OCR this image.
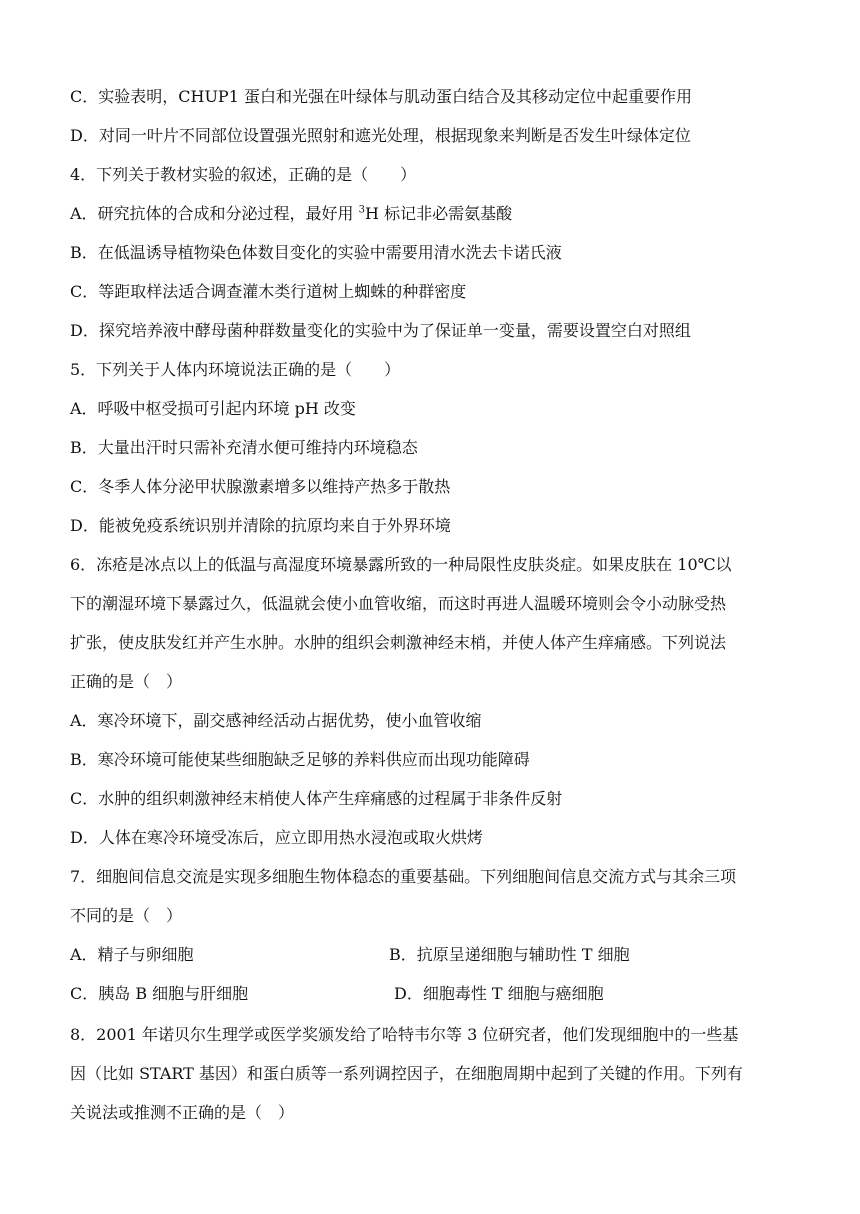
C．实验表明，CHUP1 蛋白和光强在叶绿体与肌动蛋白结合及其移动定位中起重要作用
D．对同一叶片不同部位设置强光照射和遮光处理，根据现象来判断是否发生叶绿体定位
4．下列关于教材实验的叙述，正确的是（　　）
A．研究抗体的合成和分泌过程，最好用 $^3$H 标记非必需氨基酸
B．在低温诱导植物染色体数目变化的实验中需要用清水洗去卡诺氏液
C．等距取样法适合调查灌木类行道树上蜘蛛的种群密度
D．探究培养液中酵母菌种群数量变化的实验中为了保证单一变量，需要设置空白对照组
5．下列关于人体内环境说法正确的是（　　）
A．呼吸中枢受损可引起内环境 pH 改变
B．大量出汗时只需补充清水便可维持内环境稳态
C．冬季人体分泌甲状腺激素增多以维持产热多于散热
D．能被免疫系统识别并清除的抗原均来自于外界环境
6．冻疮是冰点以上的低温与高湿度环境暴露所致的一种局限性皮肤炎症。如果皮肤在 10℃以
下的潮湿环境下暴露过久，低温就会使小血管收缩，而这时再进人温暖环境则会令小动脉受热
扩张，使皮肤发红并产生水肿。水肿的组织会刺激神经末梢，并使人体产生痒痛感。下列说法
正确的是（　）
A．寒冷环境下，副交感神经活动占据优势，使小血管收缩
B．寒冷环境可能使某些细胞缺乏足够的养料供应而出现功能障碍
C．水肿的组织刺激神经末梢使人体产生痒痛感的过程属于非条件反射
D．人体在寒冷环境受冻后，应立即用热水浸泡或取火烘烤
7．细胞间信息交流是实现多细胞生物体稳态的重要基础。下列细胞间信息交流方式与其余三项
不同的是（　）
A．精子与卵细胞	B．抗原呈递细胞与辅助性 T 细胞
C．胰岛 B 细胞与肝细胞	D．细胞毒性 T 细胞与癌细胞
8．2001 年诺贝尔生理学或医学奖颁发给了哈特韦尔等 3 位研究者，他们发现细胞中的一些基
因（比如 START 基因）和蛋白质等一系列调控因子，在细胞周期中起到了关键的作用。下列有
关说法或推测不正确的是（　）
